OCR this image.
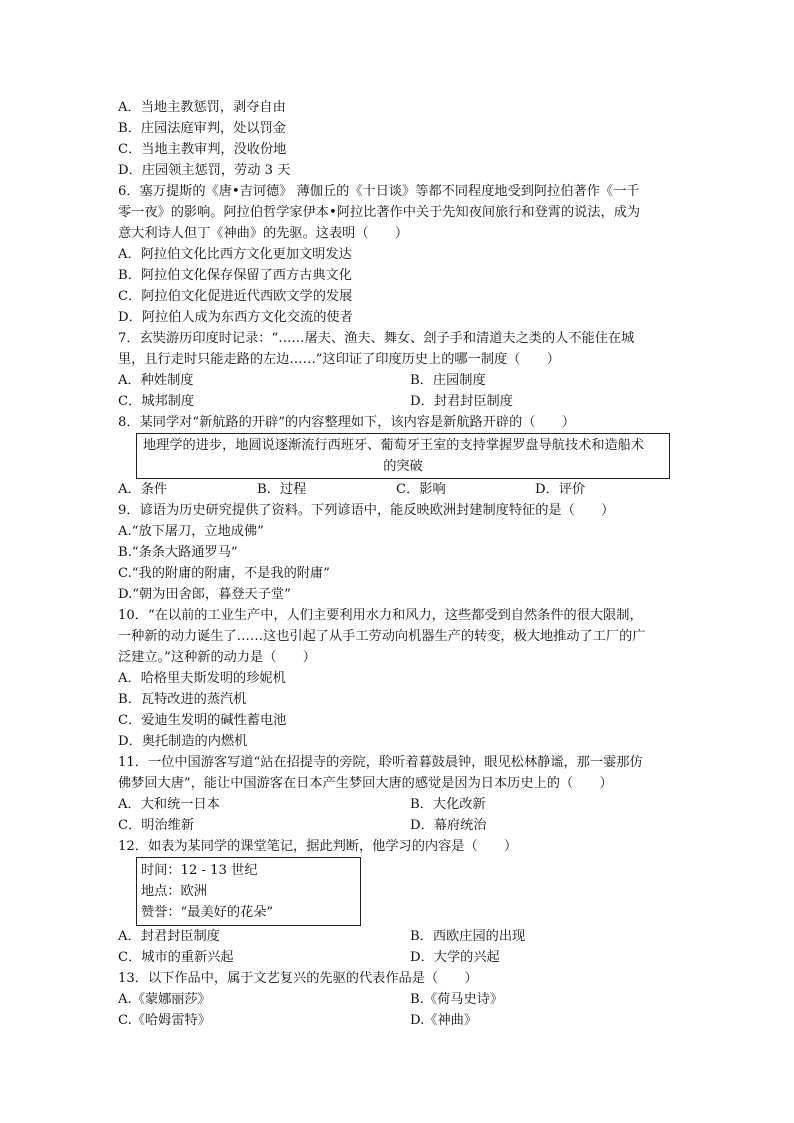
A．当地主教惩罚，剥夺自由
B．庄园法庭审判，处以罚金
C．当地主教审判，没收份地
D．庄园领主惩罚，劳动 3 天
6．塞万提斯的《唐•吉诃德》 薄伽丘的《十日谈》等都不同程度地受到阿拉伯著作《一千
零一夜》的影响。阿拉伯哲学家伊本•阿拉比著作中关于先知夜间旅行和登霄的说法，成为
意大利诗人但丁《神曲》的先驱。这表明（　　）
A．阿拉伯文化比西方文化更加文明发达
B．阿拉伯文化保存保留了西方古典文化
C．阿拉伯文化促进近代西欧文学的发展
D．阿拉伯人成为东西方文化交流的使者
7．玄奘游历印度时记录：“……屠夫、渔夫、舞女、刽子手和清道夫之类的人不能住在城
里，且行走时只能走路的左边……”这印证了印度历史上的哪一制度（　　）
A．种姓制度	B．庄园制度
C．城邦制度	D．封君封臣制度
8．某同学对“新航路的开辟”的内容整理如下，该内容是新航路开辟的（　　）
地理学的进步，地圆说逐渐流行西班牙、葡萄牙王室的支持掌握罗盘导航技术和造船术
的突破
A．条件	B．过程	C．影响	D．评价
9．谚语为历史研究提供了资料。下列谚语中，能反映欧洲封建制度特征的是（　　）
A.“放下屠刀，立地成佛”
B.“条条大路通罗马”
C.“我的附庸的附庸，不是我的附庸”
D.“朝为田舍郎，暮登天子堂”
10．“在以前的工业生产中，人们主要利用水力和风力，这些都受到自然条件的很大限制，
一种新的动力诞生了……这也引起了从手工劳动向机器生产的转变，极大地推动了工厂的广
泛建立。”这种新的动力是（　　）
A．哈格里夫斯发明的珍妮机
B．瓦特改进的蒸汽机
C．爱迪生发明的碱性蓄电池
D．奥托制造的内燃机
11．一位中国游客写道“站在招提寺的旁院，聆听着暮鼓晨钟，眼见松林静谧，那一霎那仿
佛梦回大唐”，能让中国游客在日本产生梦回大唐的感觉是因为日本历史上的（　　）
A．大和统一日本	B．大化改新
C．明治维新	D．幕府统治
12．如表为某同学的课堂笔记，据此判断，他学习的内容是（　　）
时间：12 - 13 世纪
地点：欧洲
赞誉：“最美好的花朵”
A．封君封臣制度	B．西欧庄园的出现
C．城市的重新兴起	D．大学的兴起
13．以下作品中，属于文艺复兴的先驱的代表作品是（　　）
A.《蒙娜丽莎》	B.《荷马史诗》
C.《哈姆雷特》	D.《神曲》
